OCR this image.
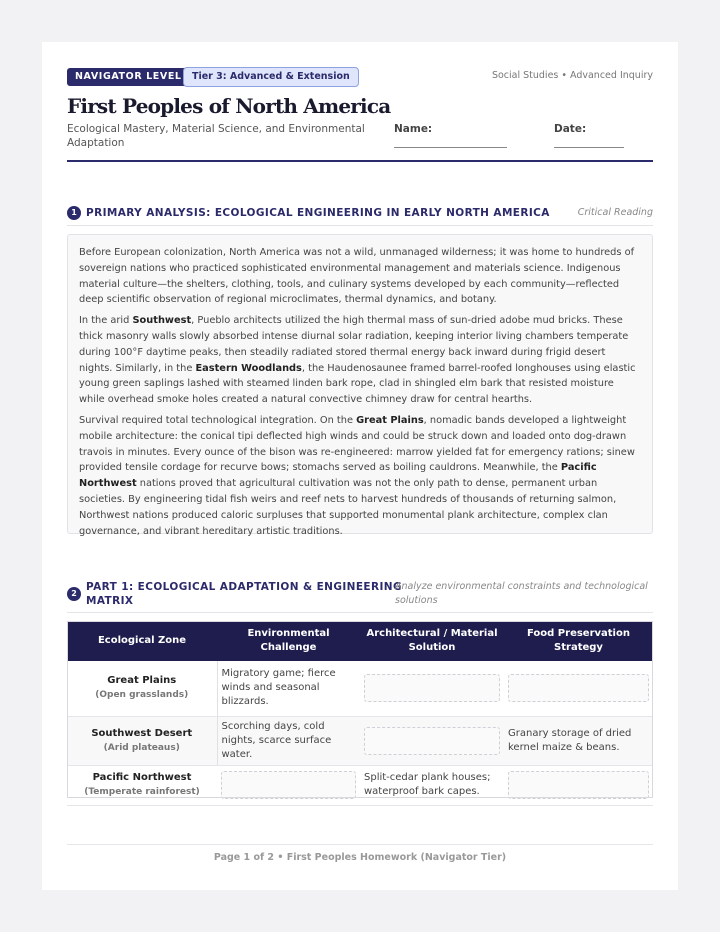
NAVIGATOR LEVEL	Tier 3: Advanced & Extension	Social Studies • Advanced Inquiry
First Peoples of North America
Ecological Mastery, Material Science, and Environmental Adaptation
Name:	Date:
1 PRIMARY ANALYSIS: ECOLOGICAL ENGINEERING IN EARLY NORTH AMERICA	Critical Reading

Before European colonization, North America was not a wild, unmanaged wilderness; it was home to hundreds of sovereign nations who practiced sophisticated environmental management and materials science. Indigenous material culture—the shelters, clothing, tools, and culinary systems developed by each community—reflected deep scientific observation of regional microclimates, thermal dynamics, and botany.

In the arid Southwest, Pueblo architects utilized the high thermal mass of sun-dried adobe mud bricks. These thick masonry walls slowly absorbed intense diurnal solar radiation, keeping interior living chambers temperate during 100°F daytime peaks, then steadily radiated stored thermal energy back inward during frigid desert nights. Similarly, in the Eastern Woodlands, the Haudenosaunee framed barrel-roofed longhouses using elastic young green saplings lashed with steamed linden bark rope, clad in shingled elm bark that resisted moisture while overhead smoke holes created a natural convective chimney draw for central hearths.

Survival required total technological integration. On the Great Plains, nomadic bands developed a lightweight mobile architecture: the conical tipi deflected high winds and could be struck down and loaded onto dog-drawn travois in minutes. Every ounce of the bison was re-engineered: marrow yielded fat for emergency rations; sinew provided tensile cordage for recurve bows; stomachs served as boiling cauldrons. Meanwhile, the Pacific Northwest nations proved that agricultural cultivation was not the only path to dense, permanent urban societies. By engineering tidal fish weirs and reef nets to harvest hundreds of thousands of returning salmon, Northwest nations produced caloric surpluses that supported monumental plank architecture, complex clan governance, and vibrant hereditary artistic traditions.

2
PART 1: ECOLOGICAL ADAPTATION & ENGINEERING
MATRIX
Analyze environmental constraints and technological
solutions
Ecological Zone	Environmental Challenge	Architectural / Material Solution	Food Preservation Strategy

Great Plains
(Open grasslands)	Migratory game; fierce winds and seasonal blizzards.	

Southwest Desert
(Arid plateaus)	Scorching days, cold nights, scarce surface water.		Granary storage of dried kernel maize & beans.

Pacific Northwest
(Temperate rainforest)		Split-cedar plank houses; waterproof bark capes.	
Page 1 of 2 • First Peoples Homework (Navigator Tier)
